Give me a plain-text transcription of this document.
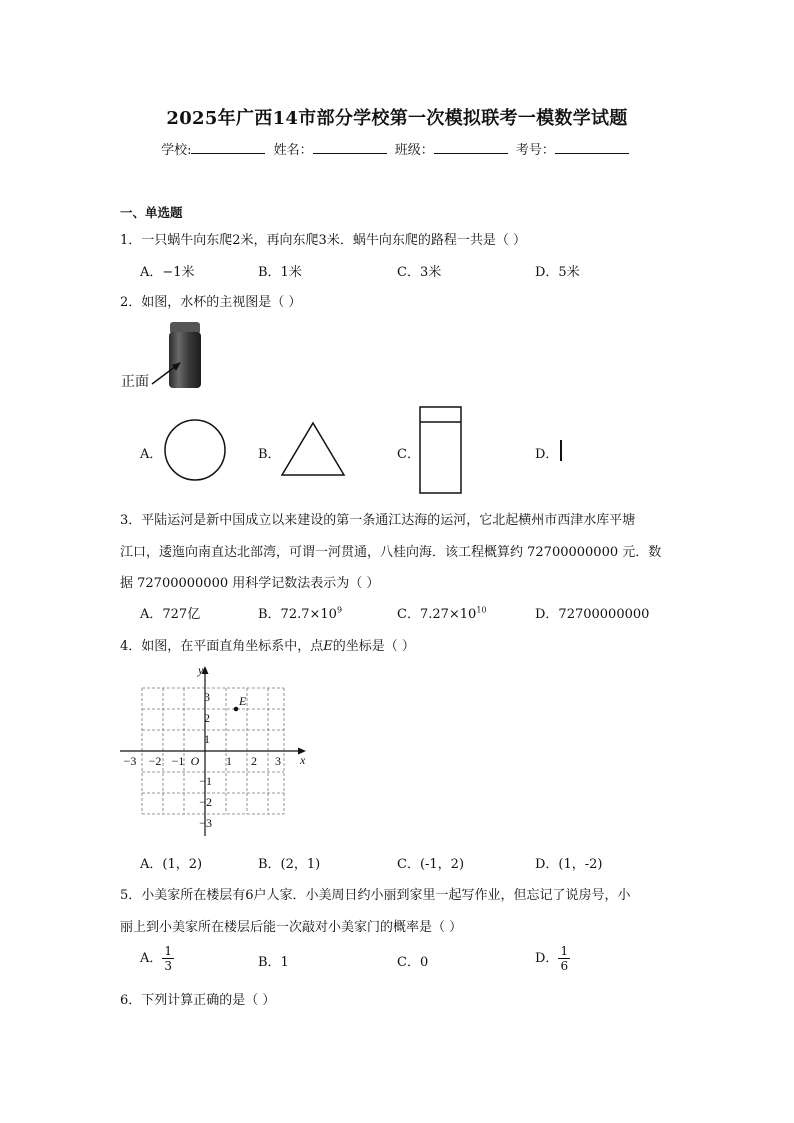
2025年广西14市部分学校第一次模拟联考一模数学试题
学校:	姓名：	班级：	考号：
一、单选题
1．一只蜗牛向东爬2米，再向东爬3米．蜗牛向东爬的路程一共是（ ）
A．−1米	B．1米	C．3米	D．5米
2．如图，水杯的主视图是（ ）
正面
A．	B．	C．	D．
3．平陆运河是新中国成立以来建设的第一条通江达海的运河，它北起横州市西津水库平塘
江口，逶迤向南直达北部湾，可谓一河贯通，八桂向海．该工程概算约 72700000000 元．数
据 72700000000 用科学记数法表示为（ ）
A．727亿	B．$72.7\times 10^9$	C．$7.27\times 10^{10}$	D．72700000000
4．如图，在平面直角坐标系中，点E的坐标是（ ）
x
y
O
−3 −2 −1	1 2 3
3
2
1
−1
−2
−3
E
A．(1，2)	B．(2，1)	C．(-1，2)	D．(1，-2)
5．小美家所在楼层有6户人家．小美周日约小丽到家里一起写作业，但忘记了说房号，小
丽上到小美家所在楼层后能一次敲对小美家门的概率是（ ）
A． $\frac{1}{3}$	B．1	C．0	D． $\frac{1}{6}$
6．下列计算正确的是（ ）
